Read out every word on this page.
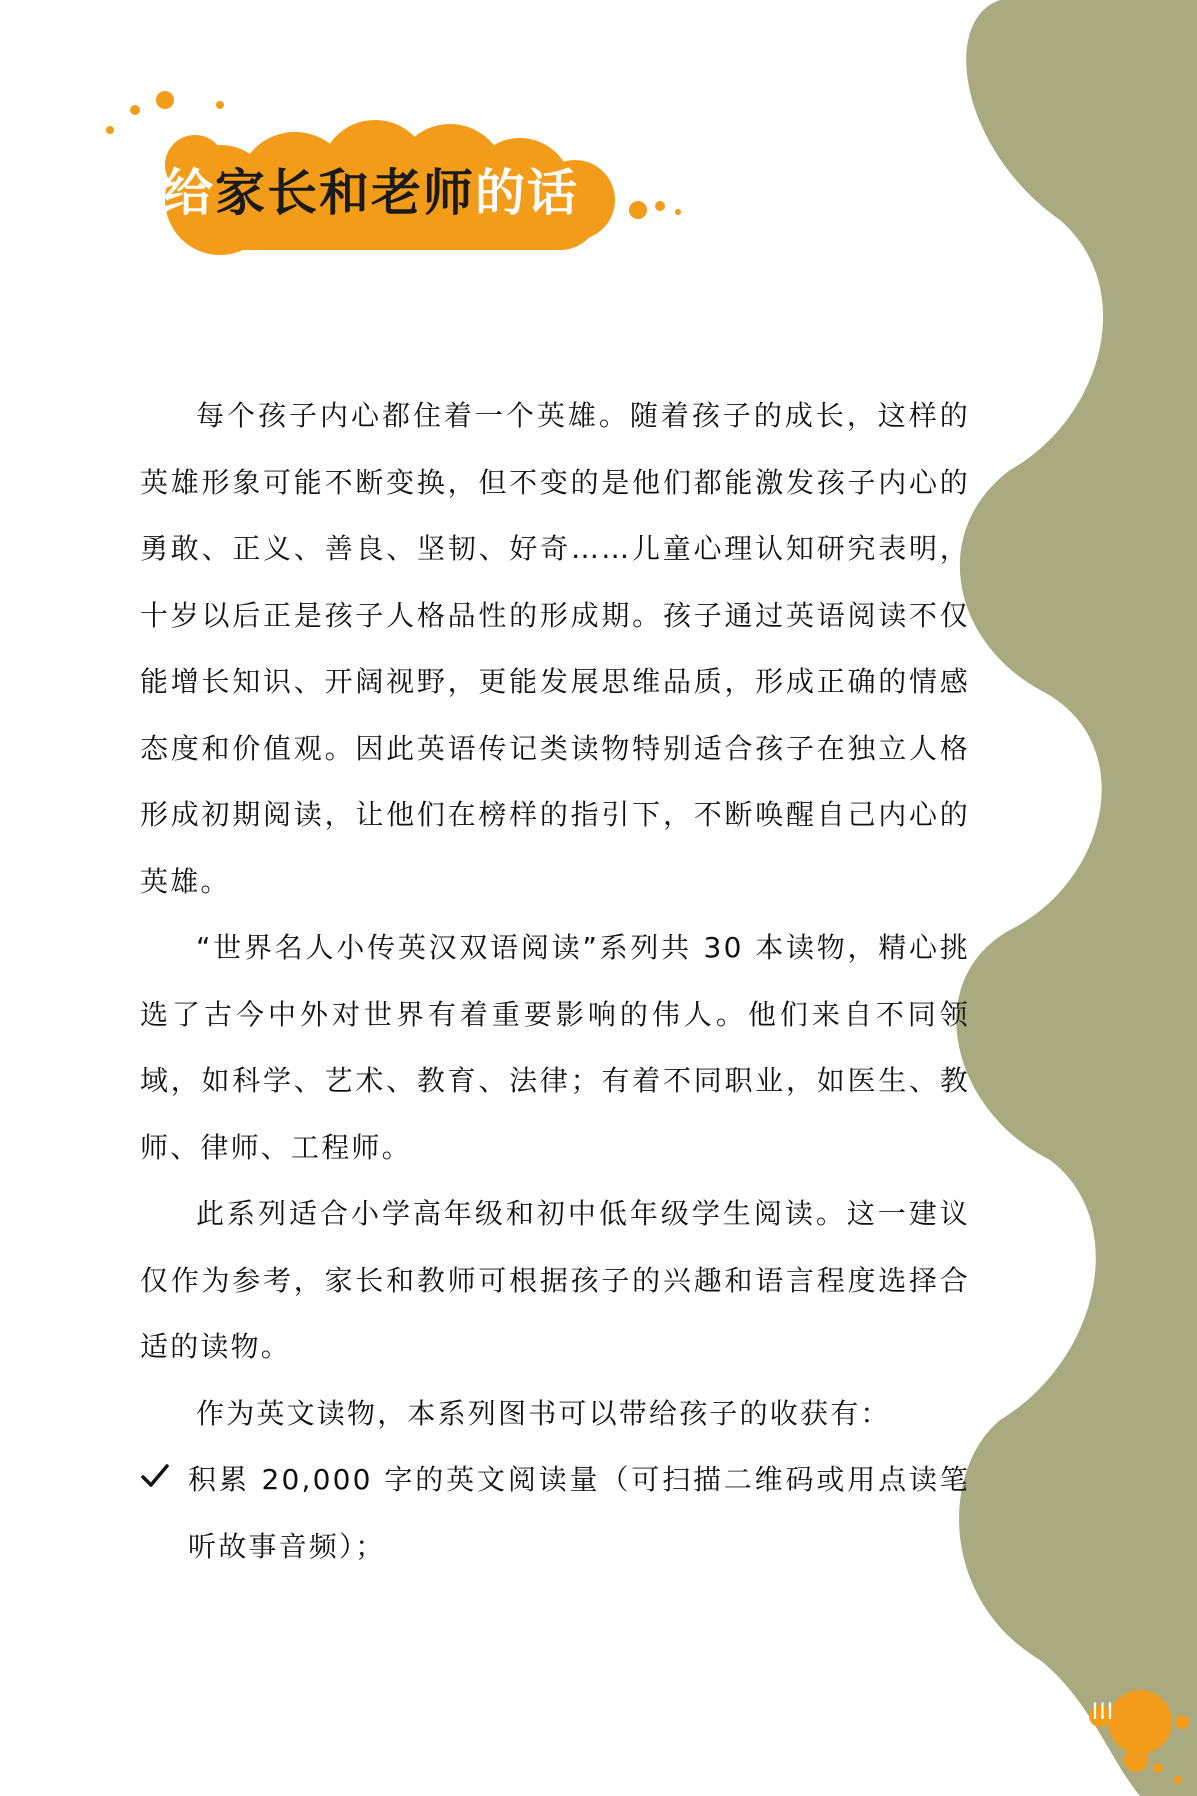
给家长和老师的话

每个孩子内心都住着一个英雄。随着孩子的成长，这样的英雄形象可能不断变换，但不变的是他们都能激发孩子内心的勇敢、正义、善良、坚韧、好奇……儿童心理认知研究表明，十岁以后正是孩子人格品性的形成期。孩子通过英语阅读不仅能增长知识、开阔视野，更能发展思维品质，形成正确的情感态度和价值观。因此英语传记类读物特别适合孩子在独立人格形成初期阅读，让他们在榜样的指引下，不断唤醒自己内心的英雄。

“世界名人小传英汉双语阅读”系列共 30 本读物，精心挑选了古今中外对世界有着重要影响的伟人。他们来自不同领域，如科学、艺术、教育、法律；有着不同职业，如医生、教师、律师、工程师。

此系列适合小学高年级和初中低年级学生阅读。这一建议仅作为参考，家长和教师可根据孩子的兴趣和语言程度选择合适的读物。

作为英文读物，本系列图书可以带给孩子的收获有：

积累 20,000 字的英文阅读量（可扫描二维码或用点读笔听故事音频）；

III
